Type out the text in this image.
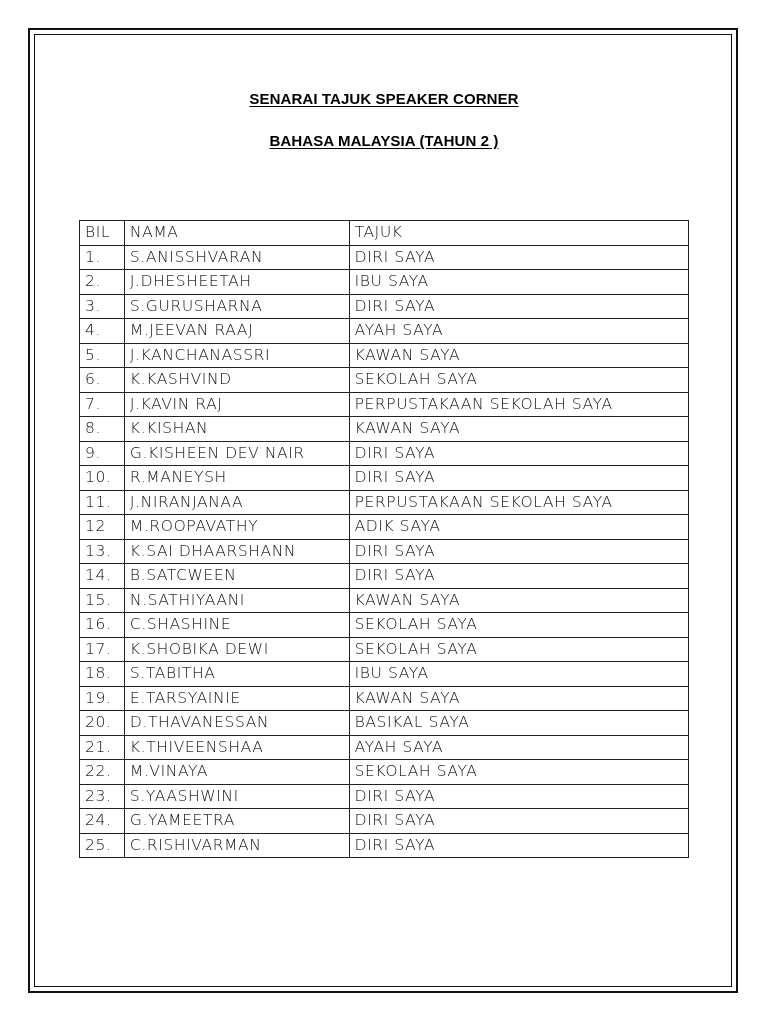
SENARAI TAJUK SPEAKER CORNER
BAHASA MALAYSIA (TAHUN 2 )
BIL	NAMA	TAJUK
1.	S.ANISSHVARAN	DIRI SAYA
2.	J.DHESHEETAH	IBU SAYA
3.	S.GURUSHARNA	DIRI SAYA
4.	M.JEEVAN RAAJ	AYAH SAYA
5.	J.KANCHANASSRI	KAWAN SAYA
6.	K.KASHVIND	SEKOLAH SAYA
7.	J.KAVIN RAJ	PERPUSTAKAAN SEKOLAH SAYA
8.	K.KISHAN	KAWAN SAYA
9.	G.KISHEEN DEV NAIR	DIRI SAYA
10.	R.MANEYSH	DIRI SAYA
11.	J.NIRANJANAA	PERPUSTAKAAN SEKOLAH SAYA
12	M.ROOPAVATHY	ADIK SAYA
13.	K.SAI DHAARSHANN	DIRI SAYA
14.	B.SATCWEEN	DIRI SAYA
15.	N.SATHIYAANI	KAWAN SAYA
16.	C.SHASHINE	SEKOLAH SAYA
17.	K.SHOBIKA DEWI	SEKOLAH SAYA
18.	S.TABITHA	IBU SAYA
19.	E.TARSYAINIE	KAWAN SAYA
20.	D.THAVANESSAN	BASIKAL SAYA
21.	K.THIVEENSHAA	AYAH SAYA
22.	M.VINAYA	SEKOLAH SAYA
23.	S.YAASHWINI	DIRI SAYA
24.	G.YAMEETRA	DIRI SAYA
25.	C.RISHIVARMAN	DIRI SAYA
